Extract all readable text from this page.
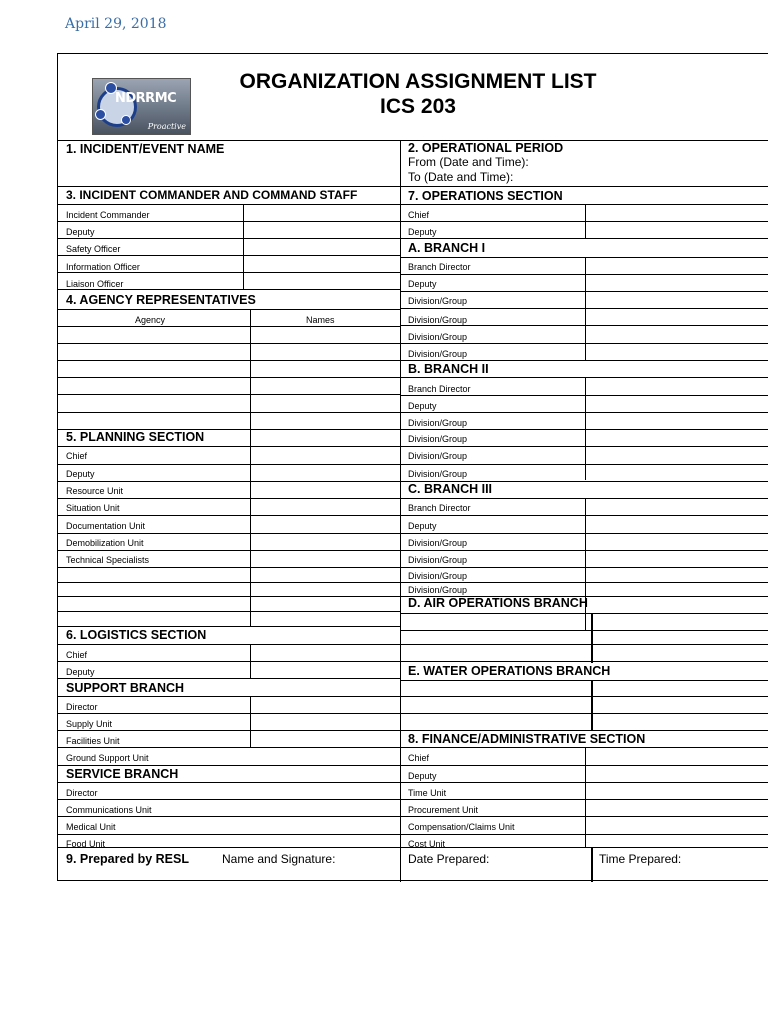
April 29, 2018
NDRRMC
Proactive
ORGANIZATION ASSIGNMENT LIST
ICS 203
1. INCIDENT/EVENT NAME
3. INCIDENT COMMANDER AND COMMAND STAFF
Incident Commander
Deputy
Safety Officer
Information Officer
Liaison Officer
4. AGENCY REPRESENTATIVES
Agency	Names
5. PLANNING SECTION
Chief
Deputy
Resource Unit
Situation Unit
Documentation Unit
Demobilization Unit
Technical Specialists
6. LOGISTICS SECTION
Chief
Deputy
SUPPORT BRANCH
Director
Supply Unit
Facilities Unit
Ground Support Unit
SERVICE BRANCH
Director
Communications Unit
Medical Unit
Food Unit
9. Prepared by RESL	Name and Signature:
2. OPERATIONAL PERIOD
From (Date and Time):
To (Date and Time):
7. OPERATIONS SECTION
Chief
Deputy
A. BRANCH I
Branch Director
Deputy
Division/Group
Division/Group
Division/Group
Division/Group
B. BRANCH II
Branch Director
Deputy
Division/Group
Division/Group
Division/Group
Division/Group
C. BRANCH III
Branch Director
Deputy
Division/Group
Division/Group
Division/Group
Division/Group
D. AIR OPERATIONS BRANCH
E. WATER OPERATIONS BRANCH
8. FINANCE/ADMINISTRATIVE SECTION
Chief
Deputy
Time Unit
Procurement Unit
Compensation/Claims Unit
Cost Unit
Date Prepared:	Time Prepared:
